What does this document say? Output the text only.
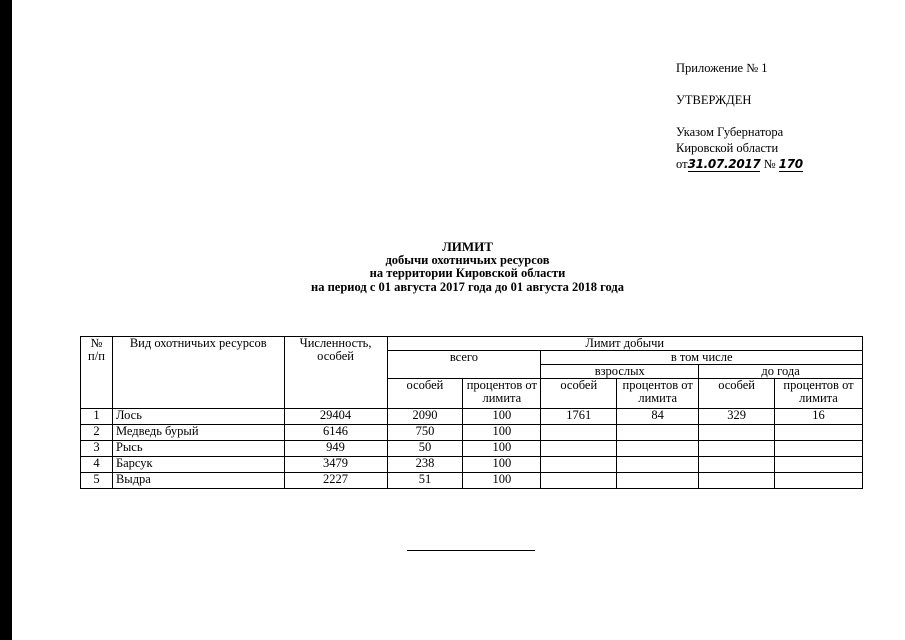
Приложение № 1
УТВЕРЖДЕН
Указом Губернатора
Кировской области
от31.07.2017 № 170
ЛИМИТ
добычи охотничьих ресурсов
на территории Кировской области
на период с 01 августа 2017 года до 01 августа 2018 года
№ п/п	Вид охотничьих ресурсов	Численность, особей	Лимит добычи					
			всего		в том числе			
					взрослых		до года	
			особей	процентов от лимита	особей	процентов от лимита	особей	процентов от лимита
1	Лось	29404	2090	100	1761	84	329	16
2	Медведь бурый	6146	750	100				
3	Рысь	949	50	100				
4	Барсук	3479	238	100				
5	Выдра	2227	51	100				
